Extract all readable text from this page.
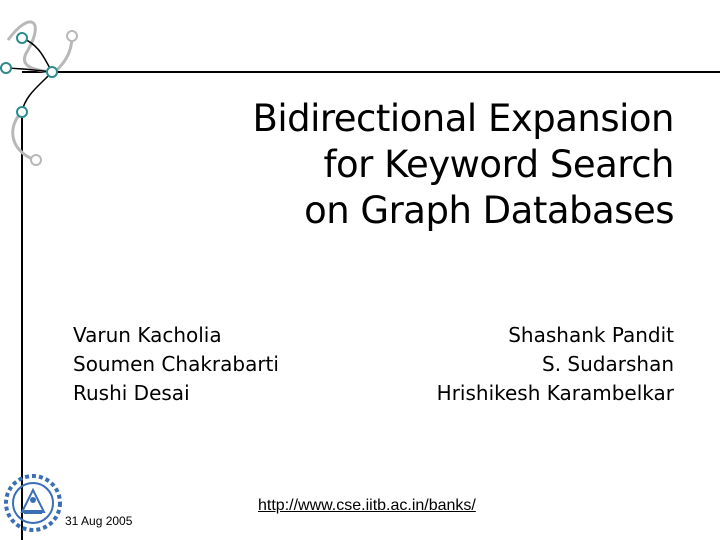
Bidirectional Expansion
for Keyword Search
on Graph Databases
Varun Kacholia
Soumen Chakrabarti
Rushi Desai
Shashank Pandit
S. Sudarshan
Hrishikesh Karambelkar
31 Aug 2005
http://www.cse.iitb.ac.in/banks/
